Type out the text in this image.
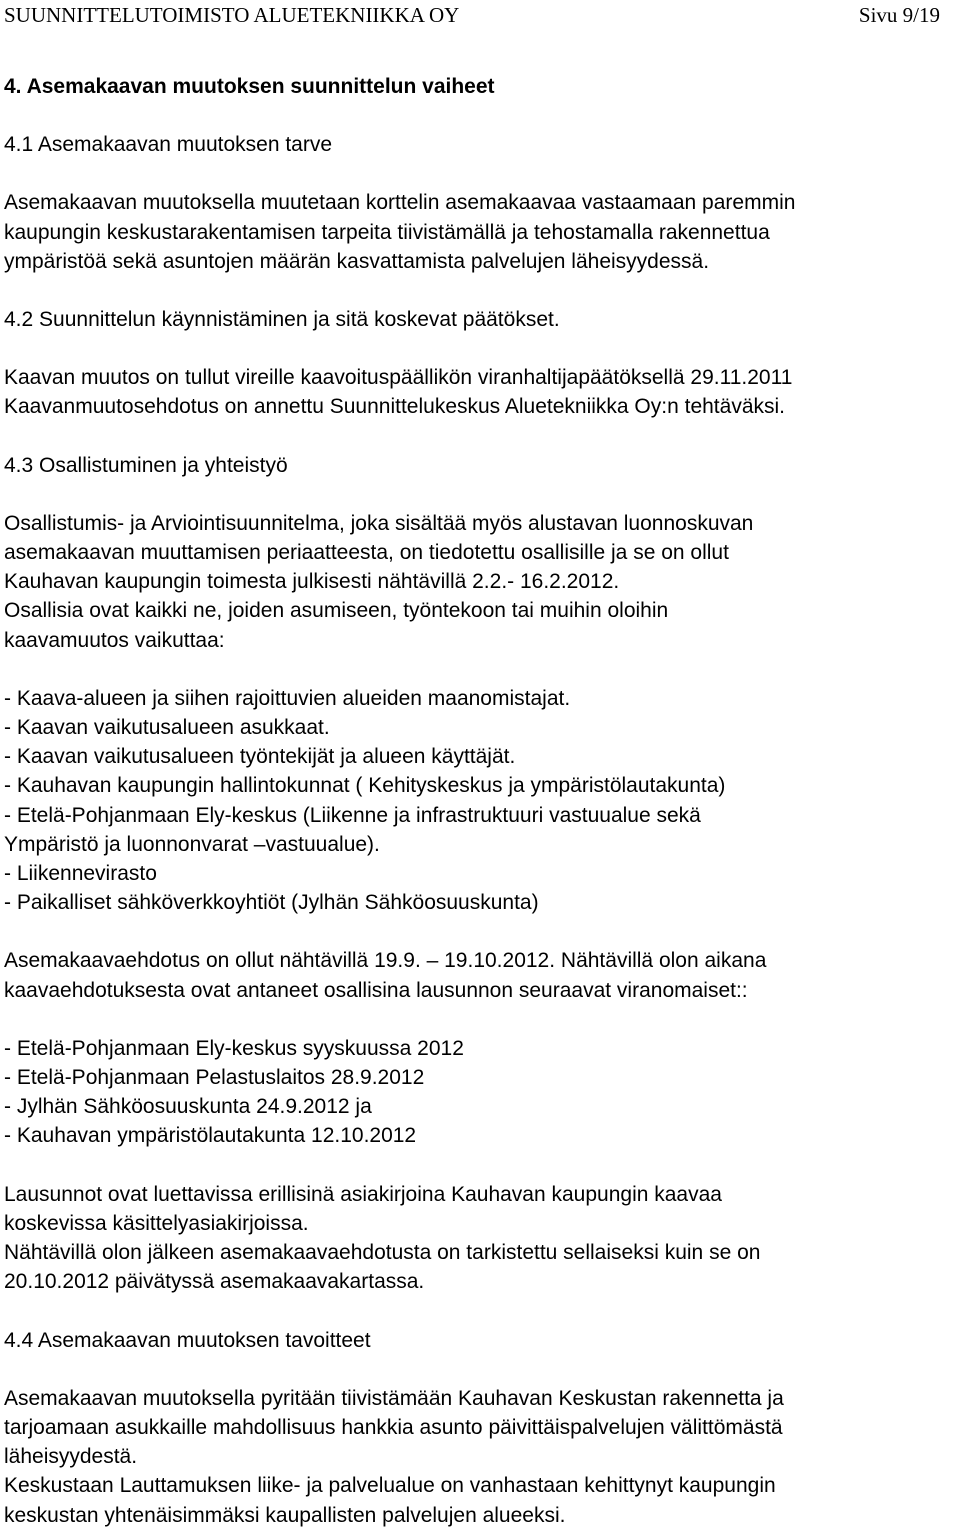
SUUNNITTELUTOIMISTO ALUETEKNIIKKA OY	Sivu 9/19

4. Asemakaavan muutoksen suunnittelun vaiheet

4.1 Asemakaavan muutoksen tarve

Asemakaavan muutoksella muutetaan korttelin asemakaavaa vastaamaan paremmin

kaupungin keskustarakentamisen tarpeita tiivistämällä ja tehostamalla rakennettua

ympäristöä sekä asuntojen määrän kasvattamista palvelujen läheisyydessä.

4.2 Suunnittelun käynnistäminen ja sitä koskevat päätökset.

Kaavan muutos on tullut vireille kaavoituspäällikön viranhaltijapäätöksellä 29.11.2011

Kaavanmuutosehdotus on annettu Suunnittelukeskus Aluetekniikka Oy:n tehtäväksi.

4.3 Osallistuminen ja yhteistyö

Osallistumis- ja Arviointisuunnitelma, joka sisältää myös alustavan luonnoskuvan

asemakaavan muuttamisen periaatteesta, on tiedotettu osallisille ja se on ollut

Kauhavan kaupungin toimesta julkisesti nähtävillä 2.2.- 16.2.2012.

Osallisia ovat kaikki ne, joiden asumiseen, työntekoon tai muihin oloihin

kaavamuutos vaikuttaa:

- Kaava-alueen ja siihen rajoittuvien alueiden maanomistajat.

- Kaavan vaikutusalueen asukkaat.

- Kaavan vaikutusalueen työntekijät ja alueen käyttäjät.

- Kauhavan kaupungin hallintokunnat ( Kehityskeskus ja ympäristölautakunta)

- Etelä-Pohjanmaan Ely-keskus (Liikenne ja infrastruktuuri vastuualue sekä

Ympäristö ja luonnonvarat –vastuualue).

- Liikennevirasto

- Paikalliset sähköverkkoyhtiöt (Jylhän Sähköosuuskunta)

Asemakaavaehdotus on ollut nähtävillä 19.9. – 19.10.2012. Nähtävillä olon aikana

kaavaehdotuksesta ovat antaneet osallisina lausunnon seuraavat viranomaiset::

- Etelä-Pohjanmaan Ely-keskus syyskuussa 2012

- Etelä-Pohjanmaan Pelastuslaitos 28.9.2012

- Jylhän Sähköosuuskunta 24.9.2012 ja

- Kauhavan ympäristölautakunta 12.10.2012

Lausunnot ovat luettavissa erillisinä asiakirjoina Kauhavan kaupungin kaavaa

koskevissa käsittelyasiakirjoissa.

Nähtävillä olon jälkeen asemakaavaehdotusta on tarkistettu sellaiseksi kuin se on

20.10.2012 päivätyssä asemakaavakartassa.

4.4 Asemakaavan muutoksen tavoitteet

Asemakaavan muutoksella pyritään tiivistämään Kauhavan Keskustan rakennetta ja

tarjoamaan asukkaille mahdollisuus hankkia asunto päivittäispalvelujen välittömästä

läheisyydestä.

Keskustaan Lauttamuksen liike- ja palvelualue on vanhastaan kehittynyt kaupungin

keskustan yhtenäisimmäksi kaupallisten palvelujen alueeksi.
